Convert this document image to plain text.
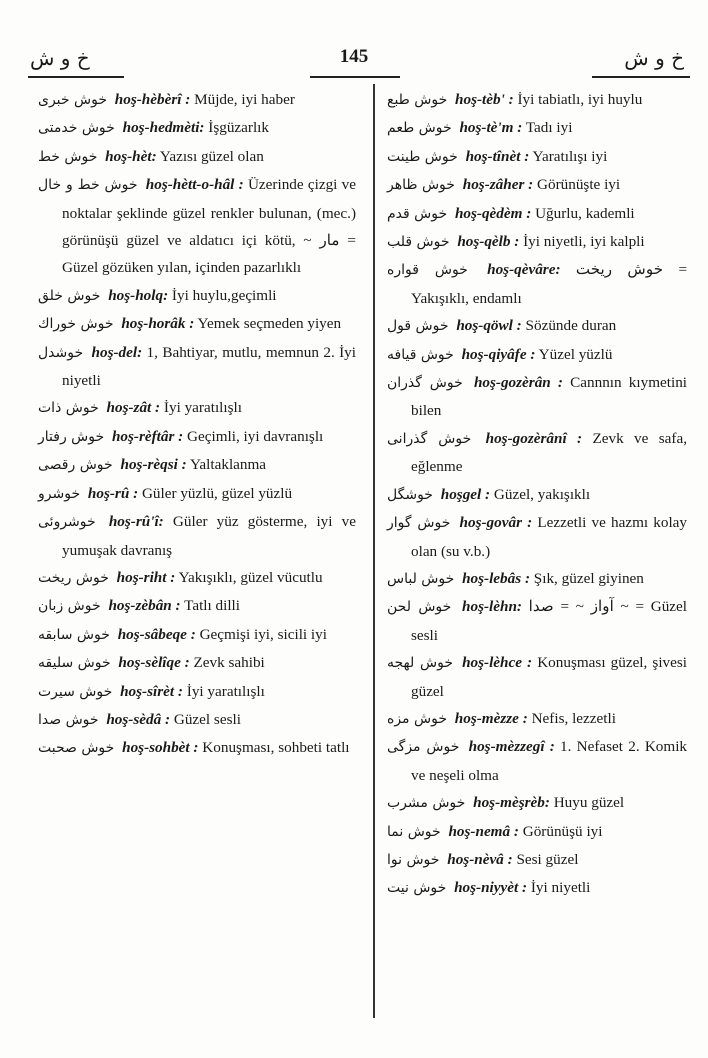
خ و ش	145	خ و ش

خوش خبری hoş-hèbèrî : Müjde, iyi haber

خوش خدمتی hoş-hedmèti: İşgüzarlık

خوش خط hoş-hèt: Yazısı güzel olan

خوش خط و خال hoş-hètt-o-hâl : Üzerinde çizgi ve noktalar şeklinde güzel renkler bulunan, (mec.) görünüşü güzel ve aldatıcı içi kötü, ~ مار = Güzel gözüken yılan, içinden pazarlıklı

خوش خلق hoş-holq: İyi huylu,geçimli

خوش خوراك hoş-horâk : Yemek seçmeden yiyen

خوشدل hoş-del: 1, Bahtiyar, mutlu, memnun 2. İyi niyetli

خوش ذات hoş-zât : İyi yaratılışlı

خوش رفتار hoş-rèftâr : Geçimli, iyi davranışlı

خوش رقصی hoş-rèqsi : Yaltaklanma

خوشرو hoş-rû : Güler yüzlü, güzel yüzlü

خوشروئی hoş-rû'î: Güler yüz gösterme, iyi ve yumuşak davranış

خوش ريخت hoş-riht : Yakışıklı, güzel vücutlu

خوش زبان hoş-zèbân : Tatlı dilli

خوش سابقه hoş-sâbeqe : Geçmişi iyi, sicili iyi

خوش سليقه hoş-sèlîqe : Zevk sahibi

خوش سيرت hoş-sîrèt : İyi yaratılışlı

خوش صدا hoş-sèdâ : Güzel sesli

خوش صحبت hoş-sohbèt : Konuşması, sohbeti tatlı

خوش طبع hoş-tèb' : İyi tabiatlı, iyi huylu

خوش طعم hoş-tè'm : Tadı iyi

خوش طينت hoş-tînèt : Yaratılışı iyi

خوش ظاهر hoş-zâher : Görünüşte iyi

خوش قدم hoş-qèdèm : Uğurlu, kademli

خوش قلب hoş-qèlb : İyi niyetli, iyi kalpli

خوش قواره hoş-qèvâre: خوش ريخت = Yakışıklı, endamlı

خوش قول hoş-qöwl : Sözünde duran

خوش قيافه hoş-qiyâfe : Yüzel yüzlü

خوش گذران hoş-gozèrân : Cannnın kıymetini bilen

خوش گذرانی hoş-gozèrânî : Zevk ve safa, eğlenme

خوشگل hoşgel : Güzel, yakışıklı

خوش گوار hoş-govâr : Lezzetli ve hazmı kolay olan (su v.b.)

خوش لباس hoş-lebâs : Şık, güzel giyinen

خوش لحن hoş-lèhn: آواز ~ = صدا ~ = Güzel sesli

خوش لهجه hoş-lèhce : Konuşması güzel, şivesi güzel

خوش مزه hoş-mèzze : Nefis, lezzetli

خوش مزگی hoş-mèzzegî : 1. Nefaset 2. Komik ve neşeli olma

خوش مشرب hoş-mèşrèb: Huyu güzel

خوش نما hoş-nemâ : Görünüşü iyi

خوش نوا hoş-nèvâ : Sesi güzel

خوش نيت hoş-niyyèt : İyi niyetli
